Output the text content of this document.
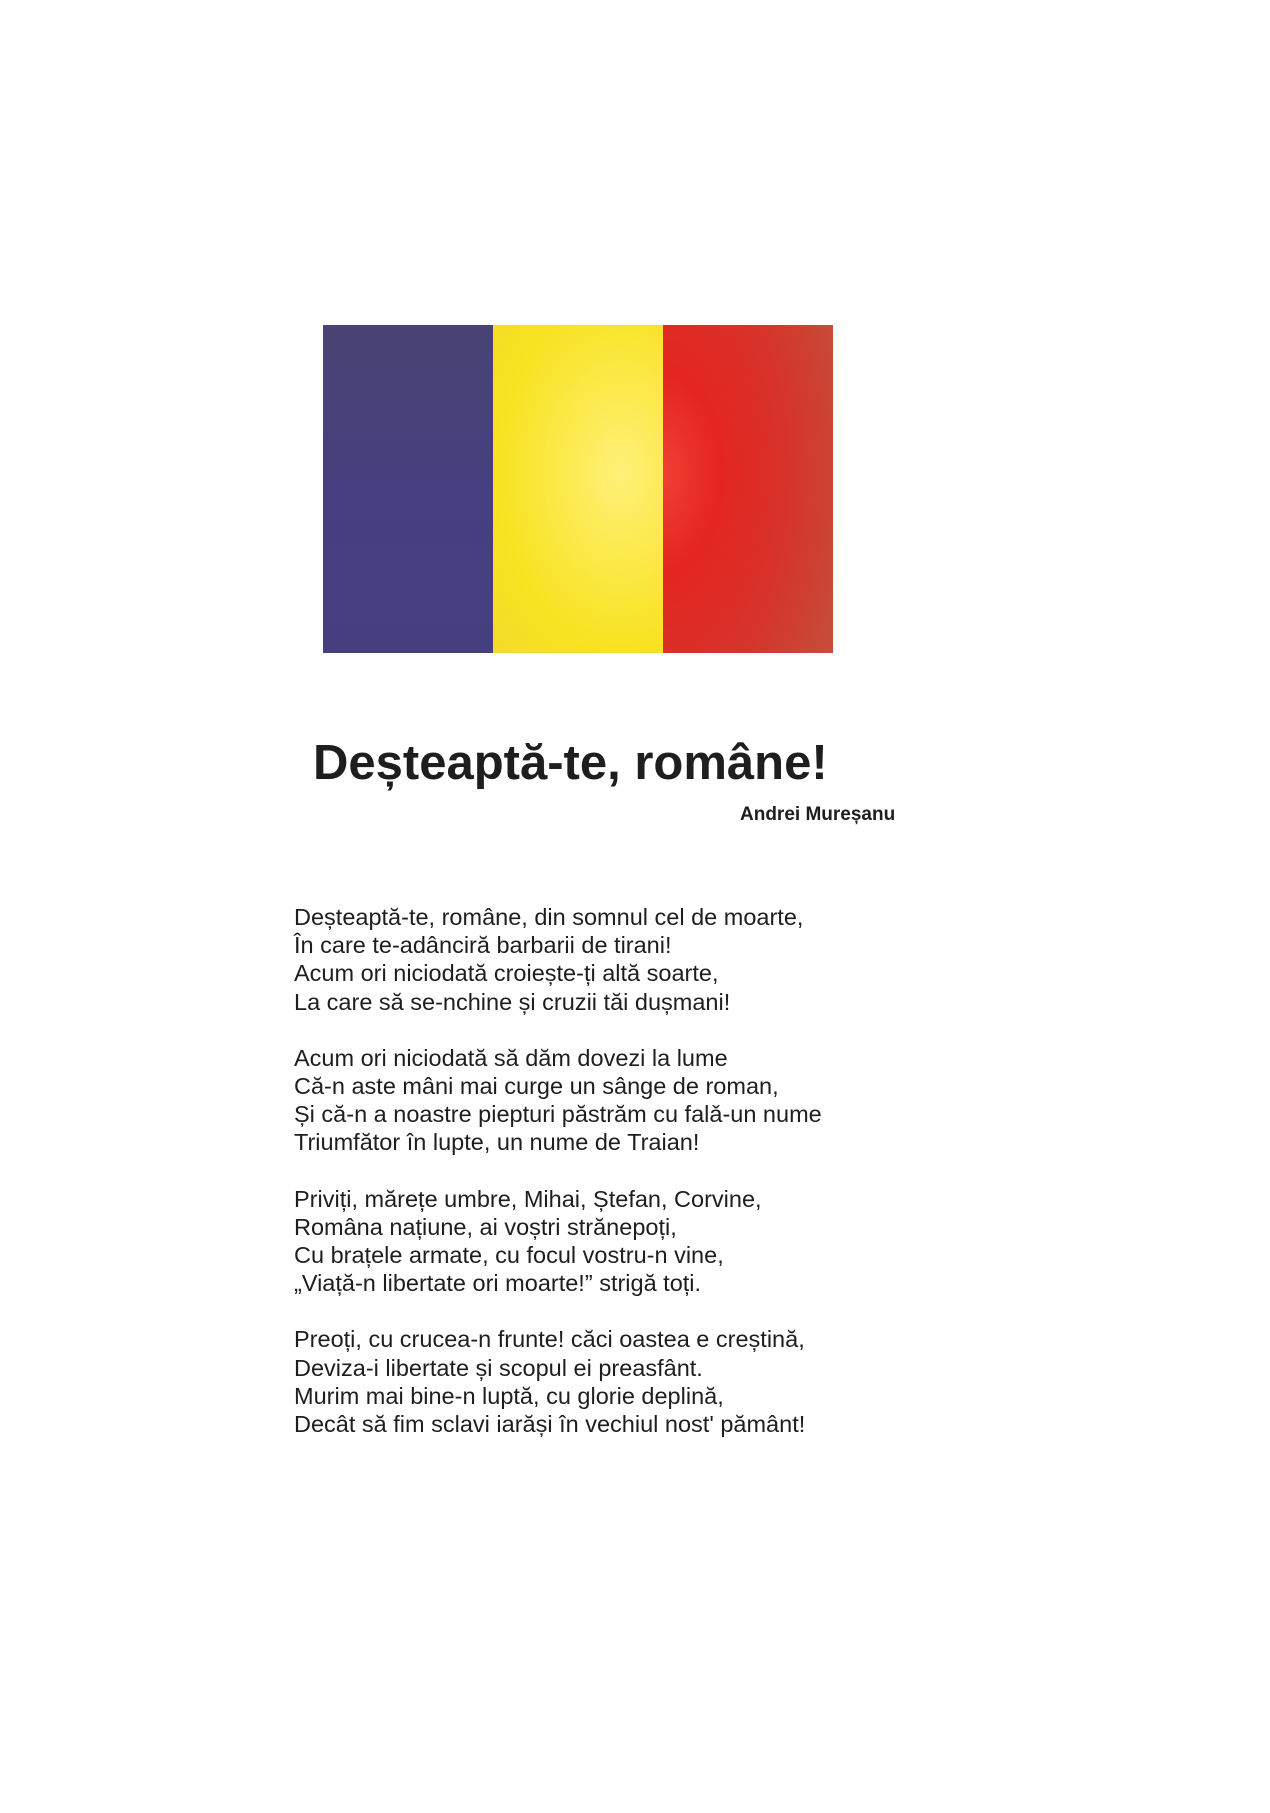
Deșteaptă-te, române!

Andrei Mureșanu

Deșteaptă-te, române, din somnul cel de moarte,
În care te-adânciră barbarii de tirani!
Acum ori niciodată croiește-ți altă soarte,
La care să se-nchine și cruzii tăi dușmani!
Acum ori niciodată să dăm dovezi la lume
Că-n aste mâni mai curge un sânge de roman,
Și că-n a noastre piepturi păstrăm cu falǎ-un nume
Triumfător în lupte, un nume de Traian!
Priviți, mărețe umbre, Mihai, Ștefan, Corvine,
Româna națiune, ai voștri strănepoți,
Cu brațele armate, cu focul vostru-n vine,
„Viață-n libertate ori moarte!” strigă toți.
Preoți, cu crucea-n frunte! căci oastea e creștină,
Deviza-i libertate și scopul ei preasfânt.
Murim mai bine-n luptă, cu glorie deplină,
Decât să fim sclavi iarăși în vechiul nost' pământ!
